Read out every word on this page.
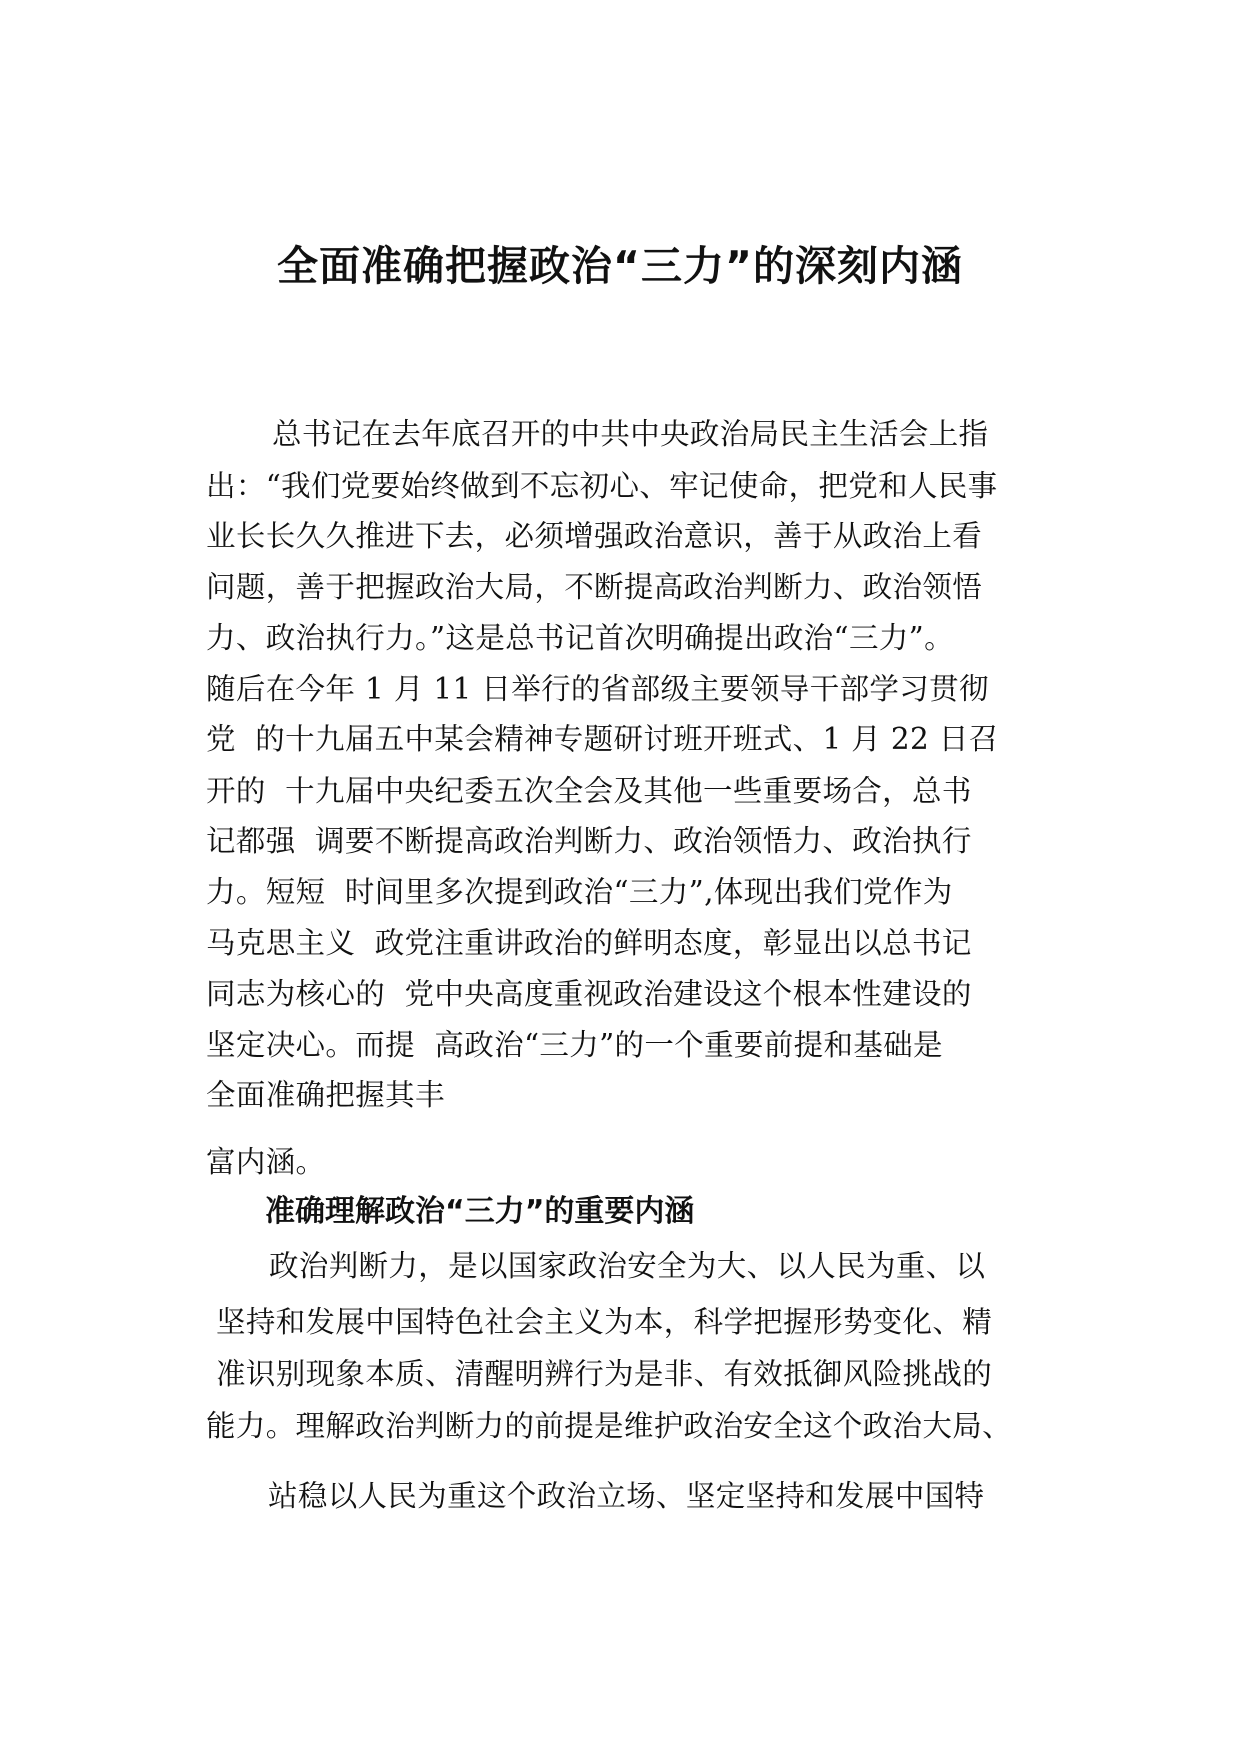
全面准确把握政治“三力”的深刻内涵
总书记在去年底召开的中共中央政治局民主生活会上指
出：“我们党要始终做到不忘初心、牢记使命，把党和人民事
业长长久久推进下去，必须增强政治意识，善于从政治上看
问题，善于把握政治大局，不断提高政治判断力、政治领悟
力、政治执行力。”这是总书记首次明确提出政治“三力”。
随后在今年 1 月 11 日举行的省部级主要领导干部学习贯彻
党  的十九届五中某会精神专题研讨班开班式、1 月 22 日召
开的  十九届中央纪委五次全会及其他一些重要场合，总书
记都强  调要不断提高政治判断力、政治领悟力、政治执行
力。短短  时间里多次提到政治“三力”,体现出我们党作为
马克思主义  政党注重讲政治的鲜明态度，彰显出以总书记
同志为核心的  党中央高度重视政治建设这个根本性建设的
坚定决心。而提  高政治“三力”的一个重要前提和基础是
全面准确把握其丰
富内涵。
准确理解政治“三力”的重要内涵
政治判断力，是以国家政治安全为大、以人民为重、以
坚持和发展中国特色社会主义为本，科学把握形势变化、精
准识别现象本质、清醒明辨行为是非、有效抵御风险挑战的
能力。理解政治判断力的前提是维护政治安全这个政治大局、
站稳以人民为重这个政治立场、坚定坚持和发展中国特
